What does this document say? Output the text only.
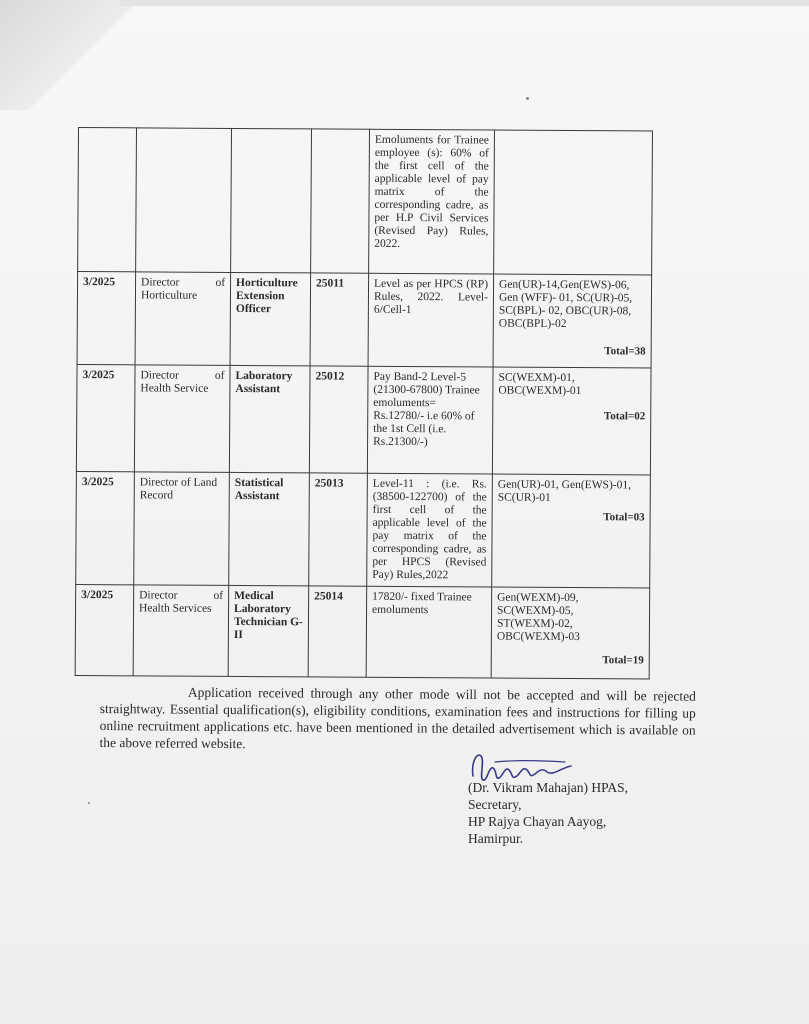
				Emoluments for Trainee employee (s): 60% of the first cell of the applicable level of pay matrix of the corresponding cadre, as per H.P Civil Services (Revised Pay) Rules, 2022.	
3/2025	Director of Horticulture	Horticulture Extension Officer	25011	Level as per HPCS (RP) Rules, 2022. Level-6/Cell-1	Gen(UR)-14,Gen(EWS)-06, Gen (WFF)- 01, SC(UR)-05, SC(BPL)- 02, OBC(UR)-08, OBC(BPL)-02
Total=38

3/2025	Director of Health Service	Laboratory Assistant	25012	Pay Band-2 Level-5 (21300-67800) Trainee emoluments= Rs.12780/- i.e 60% of the 1st Cell (i.e. Rs.21300/-)	SC(WEXM)-01, OBC(WEXM)-01
Total=02

3/2025	Director of Land Record	Statistical Assistant	25013	Level-11 : (i.e. Rs. (38500-122700) of the first cell of the applicable level of the pay matrix of the corresponding cadre, as per HPCS (Revised Pay) Rules,2022	Gen(UR)-01, Gen(EWS)-01, SC(UR)-01
Total=03

3/2025	Director of Health Services	Medical Laboratory Technician G-II	25014	17820/- fixed Trainee emoluments	Gen(WEXM)-09, SC(WEXM)-05, ST(WEXM)-02, OBC(WEXM)-03
Total=19
Application received through any other mode will not be accepted and will be rejected straightway. Essential qualification(s), eligibility conditions, examination fees and instructions for filling up online recruitment applications etc. have been mentioned in the detailed advertisement which is available on the above referred website.
(Dr. Vikram Mahajan) HPAS,
Secretary,
HP Rajya Chayan Aayog,
Hamirpur.
